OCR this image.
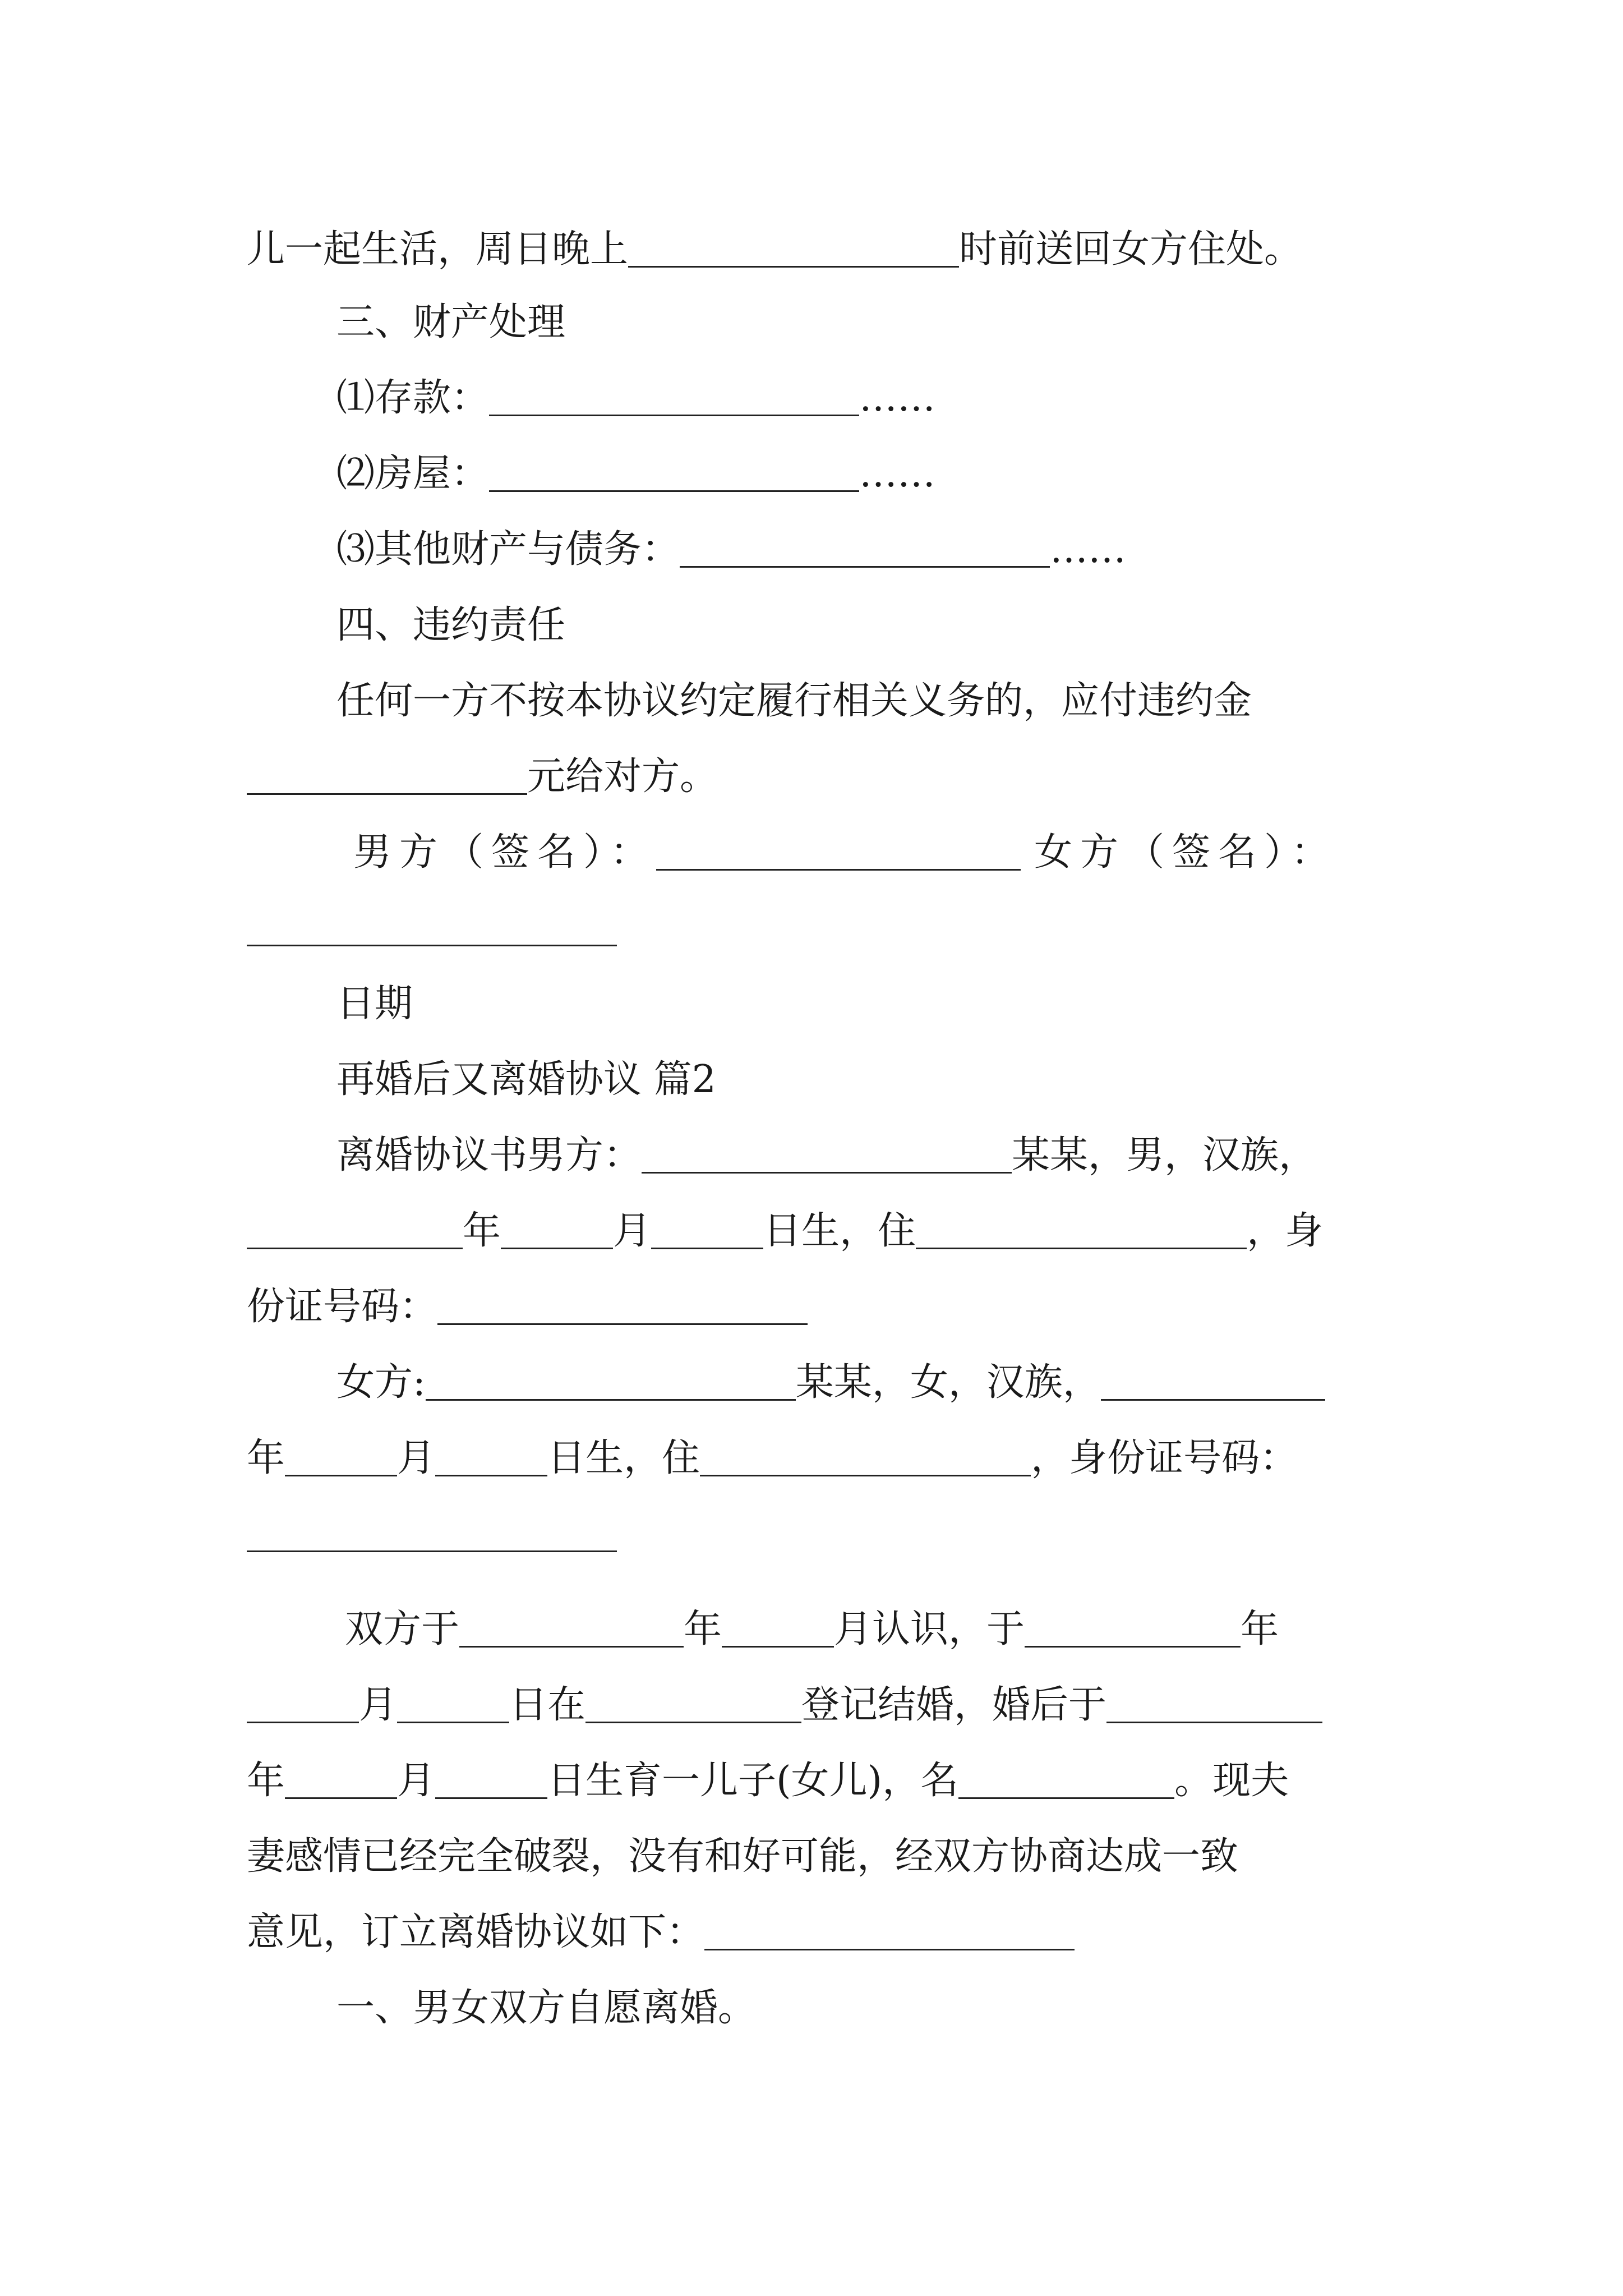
儿一起生活，周日晚上	时前送回女方住处。
三、财产处理
⑴存款：	……
⑵房屋：	……
⑶其他财产与债务：	……
四、违约责任
任何一方不按本协议约定履行相关义务的，应付违约金
元给对方。
男方（签名）：	女方（签名）：
日期
再婚后又离婚协议 篇2
离婚协议书男方：	某某，男，汉族，
年	月	日生，住	，身
份证号码：
女方:	某某，女，汉族，
年	月	日生，住	，身份证号码：
双方于	年	月认识，于	年
月	日在	登记结婚，婚后于
年	月	日生育一儿子(女儿)，名	。现夫
妻感情已经完全破裂，没有和好可能，经双方协商达成一致
意见，订立离婚协议如下：
一、男女双方自愿离婚。
